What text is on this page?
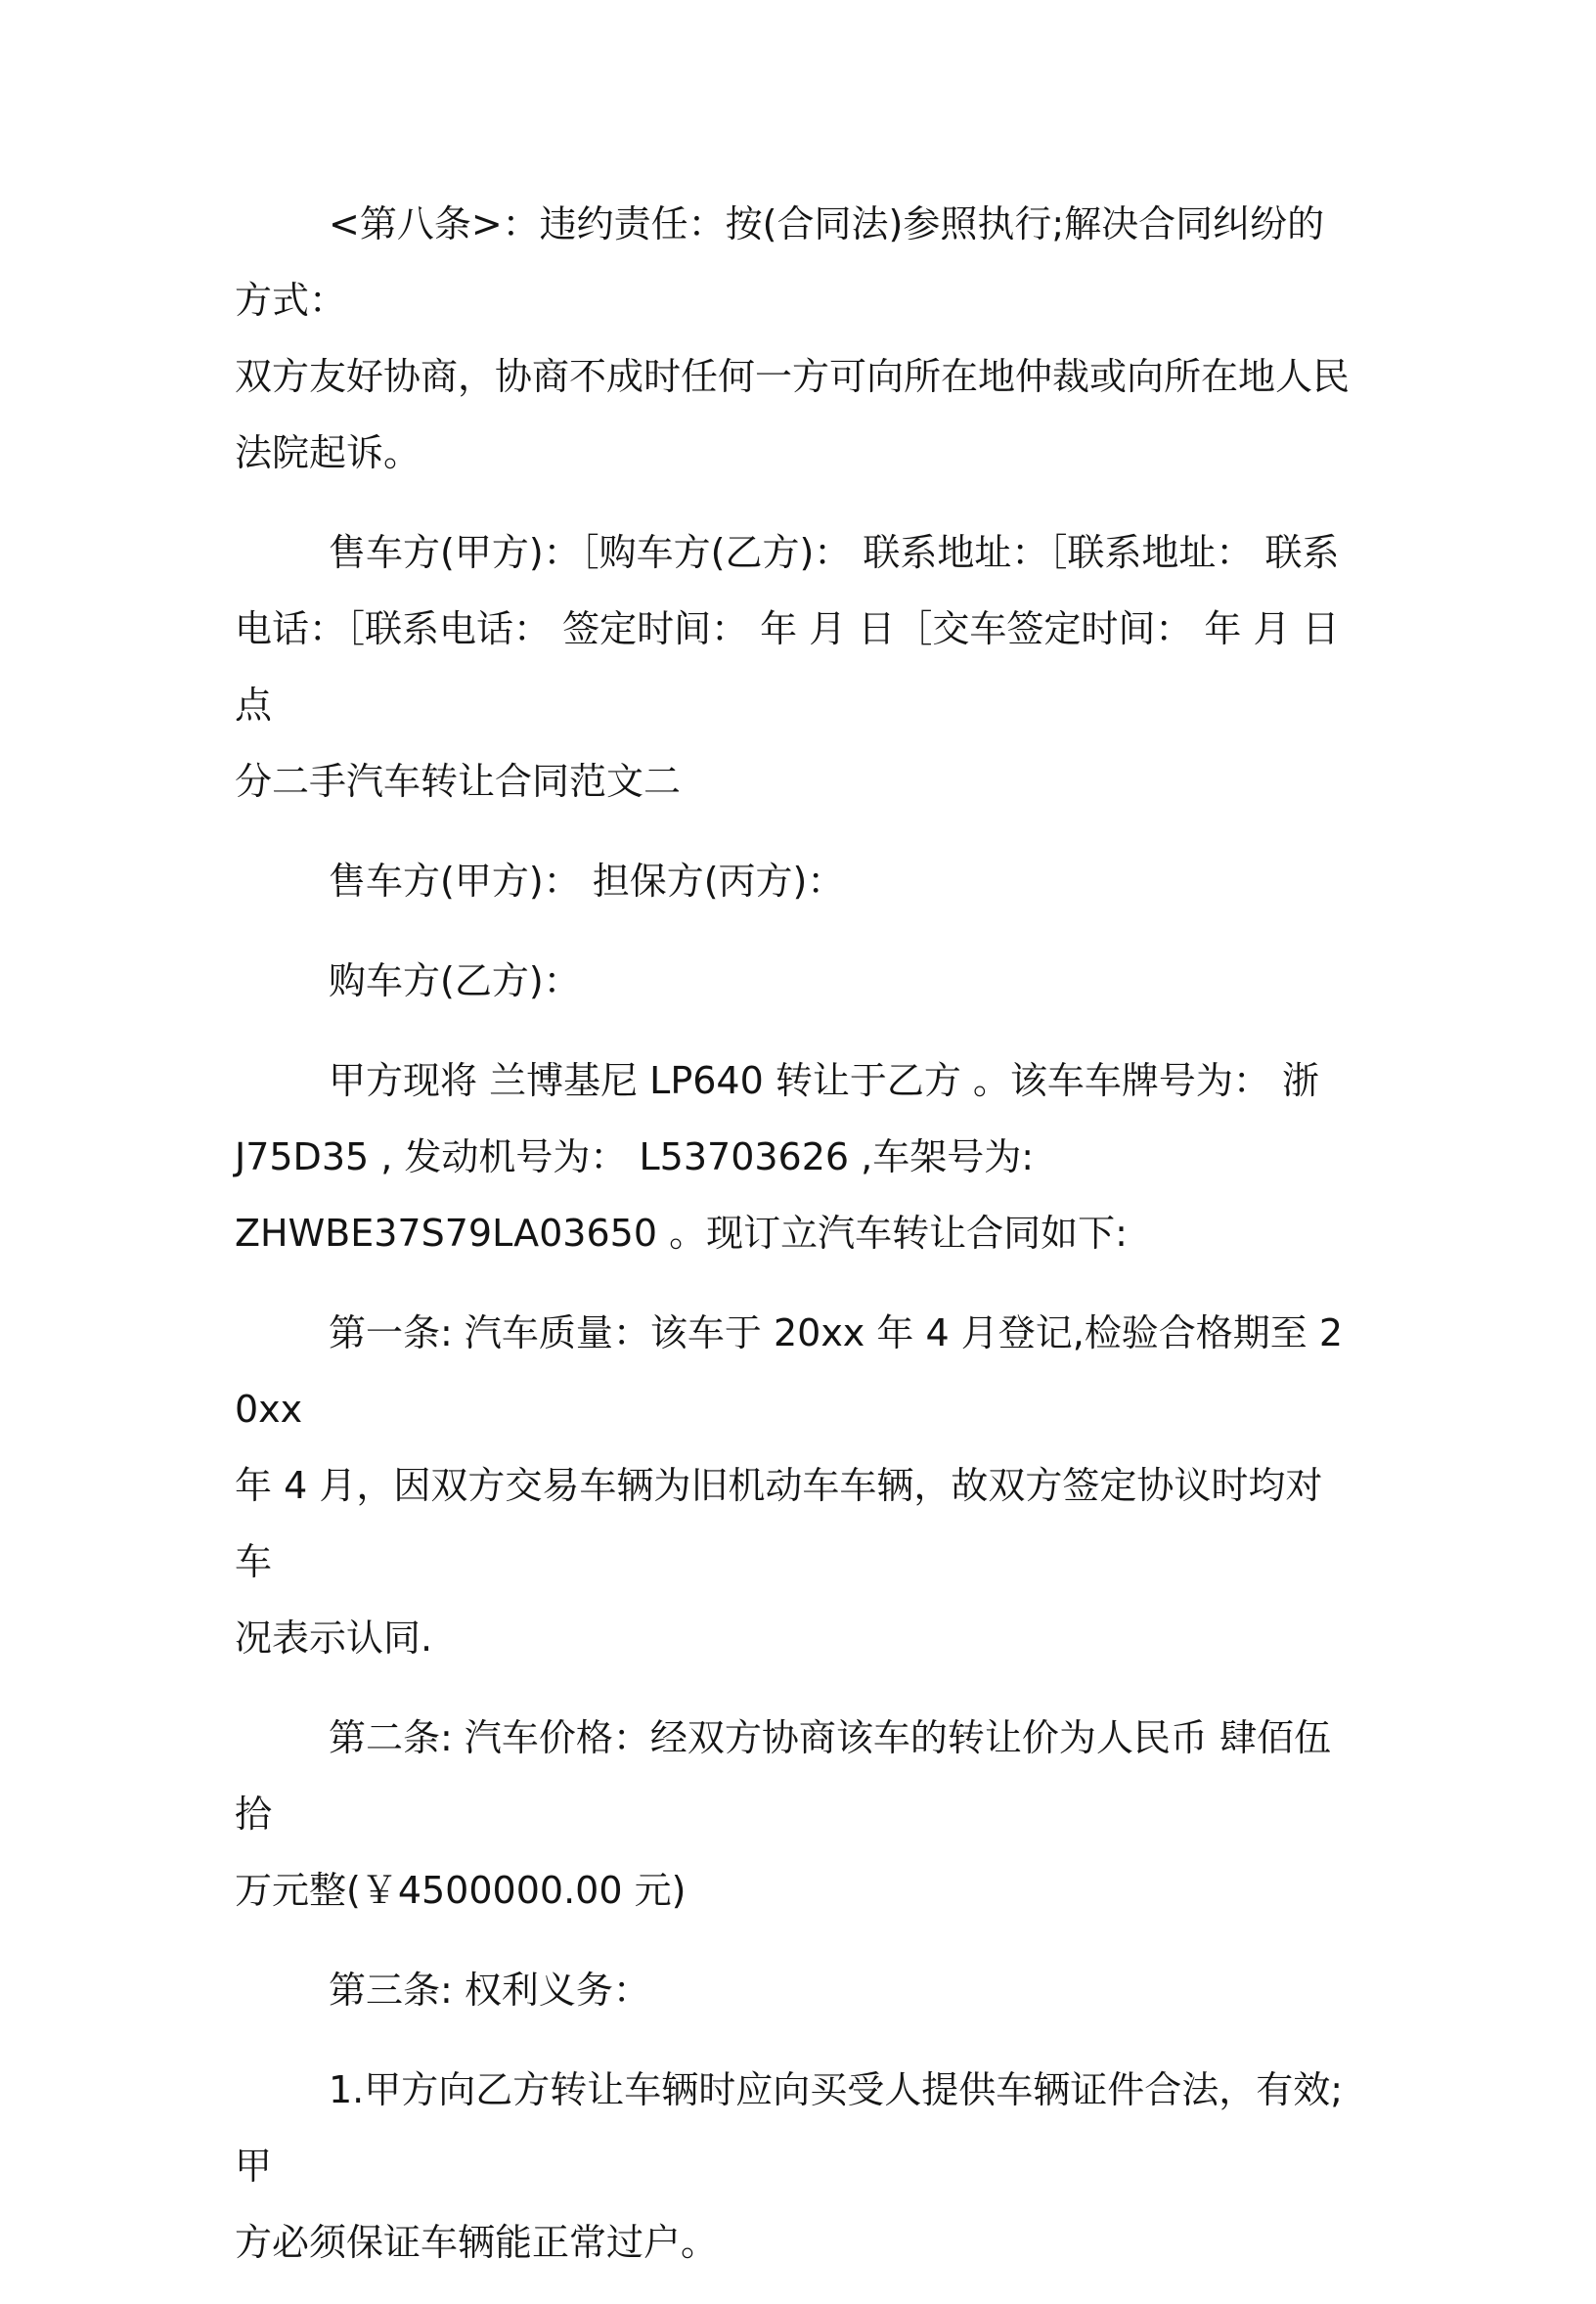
<第八条>：违约责任：按(合同法)参照执行;解决合同纠纷的方式：
双方友好协商，协商不成时任何一方可向所在地仲裁或向所在地人民
法院起诉。

售车方(甲方)：［购车方(乙方)： 联系地址：［联系地址： 联系
电话：［联系电话： 签定时间： 年 月 日［交车签定时间： 年 月 日 点
分二手汽车转让合同范文二

售车方(甲方)： 担保方(丙方)：

购车方(乙方)：

甲方现将 兰博基尼 LP640 转让于乙方 。该车车牌号为： 浙
J75D35 , 发动机号为： L53703626 ,车架号为:
ZHWBE37S79LA03650 。现订立汽车转让合同如下:

第一条: 汽车质量：该车于 20xx 年 4 月登记,检验合格期至 20xx
年 4 月，因双方交易车辆为旧机动车车辆，故双方签定协议时均对车
况表示认同.

第二条: 汽车价格：经双方协商该车的转让价为人民币 肆佰伍拾
万元整(￥4500000.00 元)

第三条: 权利义务：

1.甲方向乙方转让车辆时应向买受人提供车辆证件合法，有效;甲
方必须保证车辆能正常过户。
